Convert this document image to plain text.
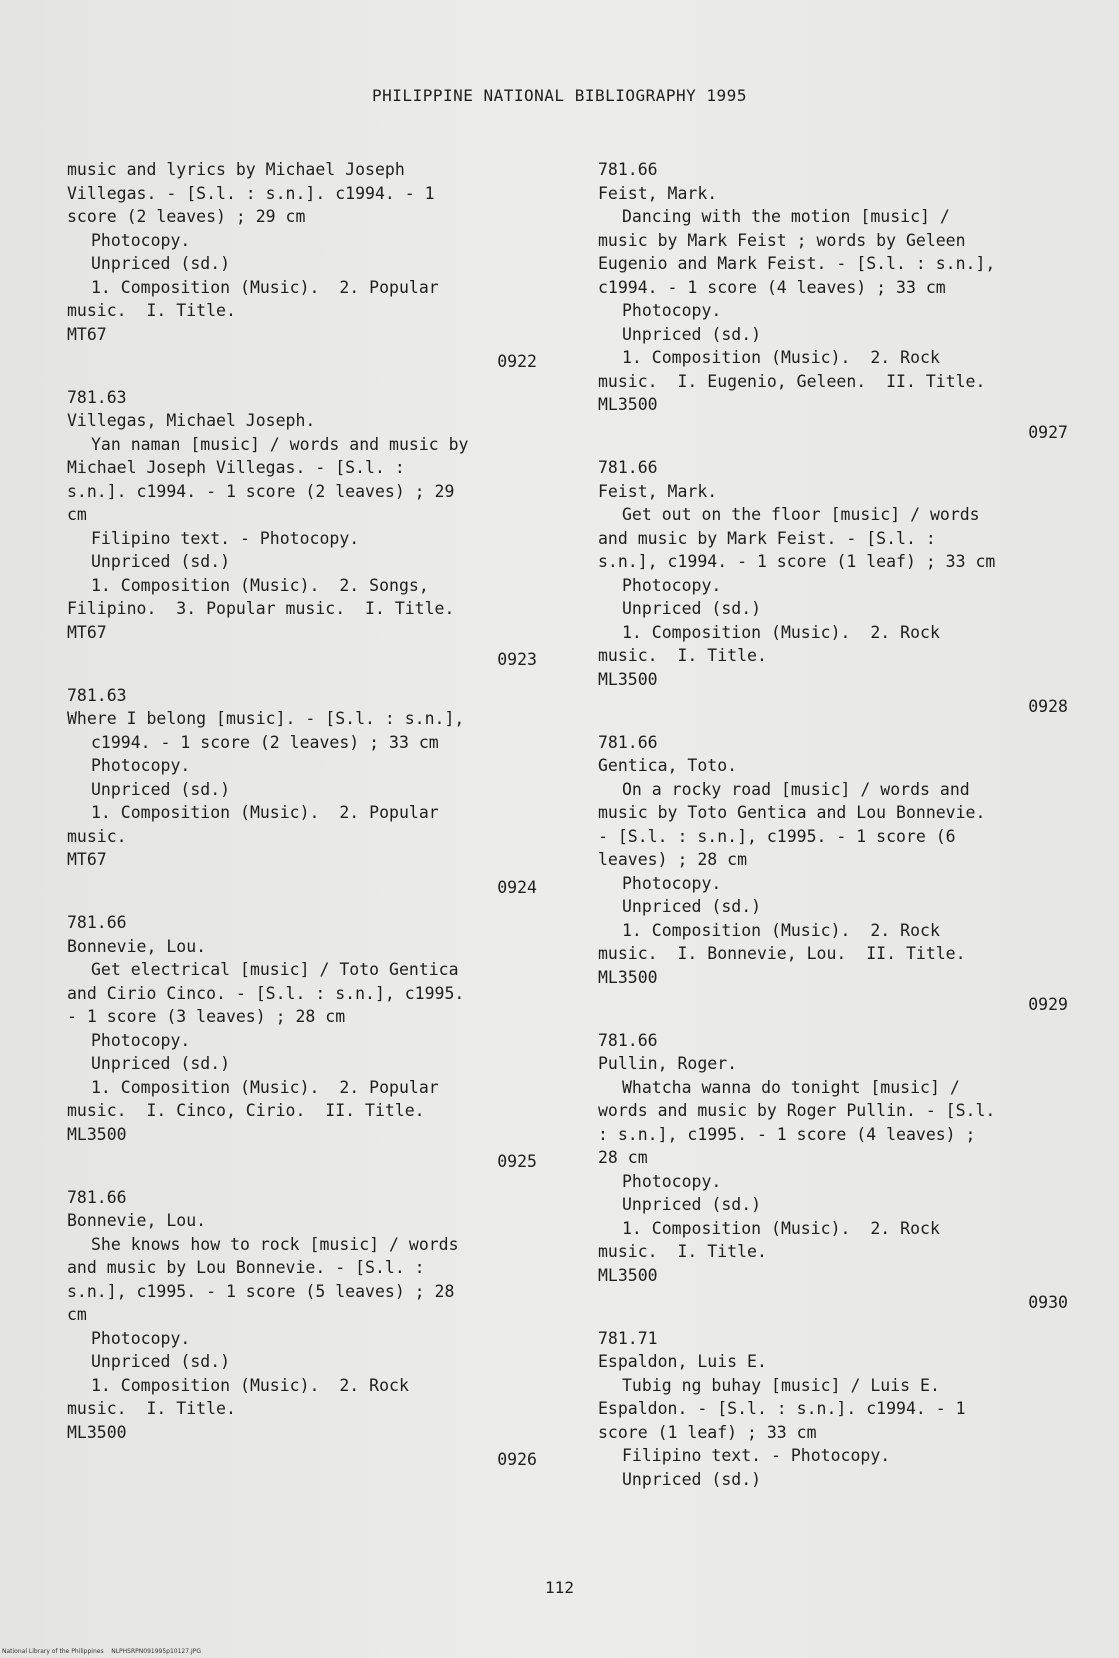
PHILIPPINE NATIONAL BIBLIOGRAPHY 1995
music and lyrics by Michael Joseph
Villegas. - [S.l. : s.n.]. c1994. - 1
score (2 leaves) ; 29 cm
Photocopy.
Unpriced (sd.)
1. Composition (Music).  2. Popular
music.  I. Title.
MT67
0922
781.63
Villegas, Michael Joseph.
Yan naman [music] / words and music by
Michael Joseph Villegas. - [S.l. :
s.n.]. c1994. - 1 score (2 leaves) ; 29
cm
Filipino text. - Photocopy.
Unpriced (sd.)
1. Composition (Music).  2. Songs,
Filipino.  3. Popular music.  I. Title.
MT67
0923
781.63
Where I belong [music]. - [S.l. : s.n.],
c1994. - 1 score (2 leaves) ; 33 cm
Photocopy.
Unpriced (sd.)
1. Composition (Music).  2. Popular
music.
MT67
0924
781.66
Bonnevie, Lou.
Get electrical [music] / Toto Gentica
and Cirio Cinco. - [S.l. : s.n.], c1995.
- 1 score (3 leaves) ; 28 cm
Photocopy.
Unpriced (sd.)
1. Composition (Music).  2. Popular
music.  I. Cinco, Cirio.  II. Title.
ML3500
0925
781.66
Bonnevie, Lou.
She knows how to rock [music] / words
and music by Lou Bonnevie. - [S.l. :
s.n.], c1995. - 1 score (5 leaves) ; 28
cm
Photocopy.
Unpriced (sd.)
1. Composition (Music).  2. Rock
music.  I. Title.
ML3500
0926
781.66
Feist, Mark.
Dancing with the motion [music] /
music by Mark Feist ; words by Geleen
Eugenio and Mark Feist. - [S.l. : s.n.],
c1994. - 1 score (4 leaves) ; 33 cm
Photocopy.
Unpriced (sd.)
1. Composition (Music).  2. Rock
music.  I. Eugenio, Geleen.  II. Title.
ML3500
0927
781.66
Feist, Mark.
Get out on the floor [music] / words
and music by Mark Feist. - [S.l. :
s.n.], c1994. - 1 score (1 leaf) ; 33 cm
Photocopy.
Unpriced (sd.)
1. Composition (Music).  2. Rock
music.  I. Title.
ML3500
0928
781.66
Gentica, Toto.
On a rocky road [music] / words and
music by Toto Gentica and Lou Bonnevie.
- [S.l. : s.n.], c1995. - 1 score (6
leaves) ; 28 cm
Photocopy.
Unpriced (sd.)
1. Composition (Music).  2. Rock
music.  I. Bonnevie, Lou.  II. Title.
ML3500
0929
781.66
Pullin, Roger.
Whatcha wanna do tonight [music] /
words and music by Roger Pullin. - [S.l.
: s.n.], c1995. - 1 score (4 leaves) ;
28 cm
Photocopy.
Unpriced (sd.)
1. Composition (Music).  2. Rock
music.  I. Title.
ML3500
0930
781.71
Espaldon, Luis E.
Tubig ng buhay [music] / Luis E.
Espaldon. - [S.l. : s.n.]. c1994. - 1
score (1 leaf) ; 33 cm
Filipino text. - Photocopy.
Unpriced (sd.)
112
National Library of the Philippines NLPHSRPN091995p10127.JPG
